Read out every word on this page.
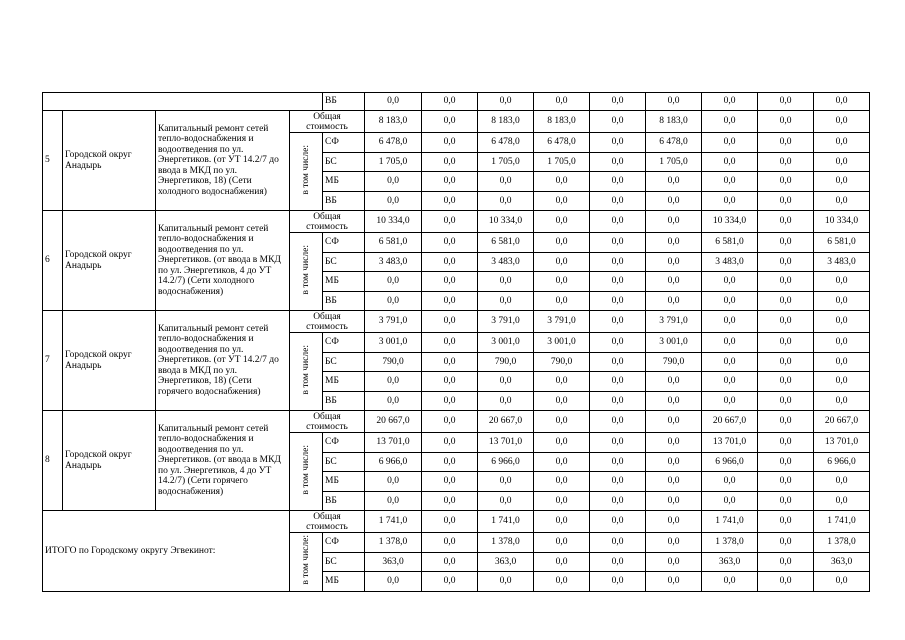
				ВБ	0,0	0,0	0,0	0,0	0,0	0,0	0,0	0,0	0,0
5	Городской округ Анадырь	Капитальный ремонт сетей тепло-водоснабжения и водоотведения по ул. Энергетиков. (от УТ 14.2/7 до ввода в МКД по ул. Энергетиков, 18) (Сети холодного водоснабжения)	Общая стоимость		8 183,0	0,0	8 183,0	8 183,0	0,0	8 183,0	0,0	0,0	0,0
			в том числе:	СФ	6 478,0	0,0	6 478,0	6 478,0	0,0	6 478,0	0,0	0,0	0,0
				БС	1 705,0	0,0	1 705,0	1 705,0	0,0	1 705,0	0,0	0,0	0,0
				МБ	0,0	0,0	0,0	0,0	0,0	0,0	0,0	0,0	0,0
				ВБ	0,0	0,0	0,0	0,0	0,0	0,0	0,0	0,0	0,0
6	Городской округ Анадырь	Капитальный ремонт сетей тепло-водоснабжения и водоотведения по ул. Энергетиков. (от ввода в МКД по ул. Энергетиков, 4 до УТ 14.2/7) (Сети холодного водоснабжения)	Общая стоимость		10 334,0	0,0	10 334,0	0,0	0,0	0,0	10 334,0	0,0	10 334,0
			в том числе:	СФ	6 581,0	0,0	6 581,0	0,0	0,0	0,0	6 581,0	0,0	6 581,0
				БС	3 483,0	0,0	3 483,0	0,0	0,0	0,0	3 483,0	0,0	3 483,0
				МБ	0,0	0,0	0,0	0,0	0,0	0,0	0,0	0,0	0,0
				ВБ	0,0	0,0	0,0	0,0	0,0	0,0	0,0	0,0	0,0
7	Городской округ Анадырь	Капитальный ремонт сетей тепло-водоснабжения и водоотведения по ул. Энергетиков. (от УТ 14.2/7 до ввода в МКД по ул. Энергетиков, 18) (Сети горячего водоснабжения)	Общая стоимость		3 791,0	0,0	3 791,0	3 791,0	0,0	3 791,0	0,0	0,0	0,0
			в том числе:	СФ	3 001,0	0,0	3 001,0	3 001,0	0,0	3 001,0	0,0	0,0	0,0
				БС	790,0	0,0	790,0	790,0	0,0	790,0	0,0	0,0	0,0
				МБ	0,0	0,0	0,0	0,0	0,0	0,0	0,0	0,0	0,0
				ВБ	0,0	0,0	0,0	0,0	0,0	0,0	0,0	0,0	0,0
8	Городской округ Анадырь	Капитальный ремонт сетей тепло-водоснабжения и водоотведения по ул. Энергетиков. (от ввода в МКД по ул. Энергетиков, 4 до УТ 14.2/7) (Сети горячего водоснабжения)	Общая стоимость		20 667,0	0,0	20 667,0	0,0	0,0	0,0	20 667,0	0,0	20 667,0
			в том числе:	СФ	13 701,0	0,0	13 701,0	0,0	0,0	0,0	13 701,0	0,0	13 701,0
				БС	6 966,0	0,0	6 966,0	0,0	0,0	0,0	6 966,0	0,0	6 966,0
				МБ	0,0	0,0	0,0	0,0	0,0	0,0	0,0	0,0	0,0
				ВБ	0,0	0,0	0,0	0,0	0,0	0,0	0,0	0,0	0,0
ИТОГО по Городскому округу Эгвекинот:			Общая стоимость		1 741,0	0,0	1 741,0	0,0	0,0	0,0	1 741,0	0,0	1 741,0
			в том числе:	СФ	1 378,0	0,0	1 378,0	0,0	0,0	0,0	1 378,0	0,0	1 378,0
				БС	363,0	0,0	363,0	0,0	0,0	0,0	363,0	0,0	363,0
				МБ	0,0	0,0	0,0	0,0	0,0	0,0	0,0	0,0	0,0
